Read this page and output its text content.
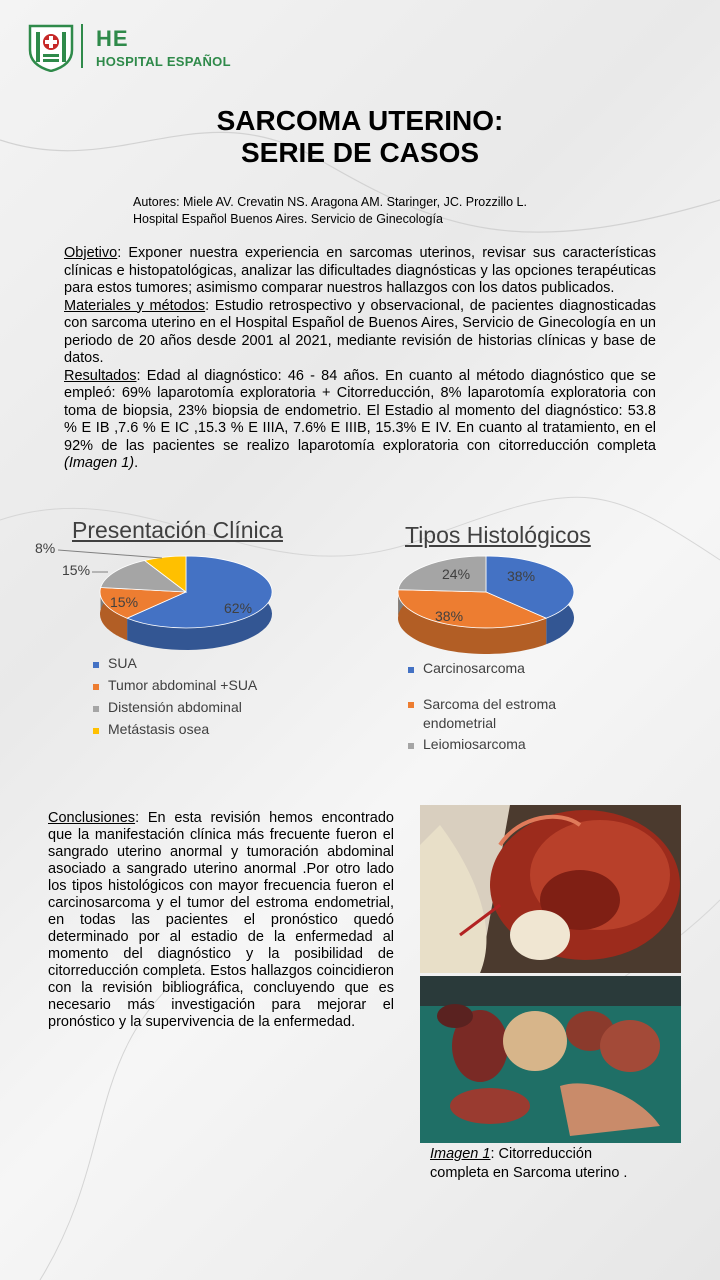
HE
HOSPITAL ESPAÑOL
SARCOMA UTERINO:
SERIE DE CASOS
Autores: Miele AV. Crevatin NS. Aragona AM. Staringer, JC. Prozzillo L.
Hospital Español Buenos Aires. Servicio de Ginecología

Objetivo: Exponer nuestra experiencia en sarcomas uterinos, revisar sus características clínicas e histopatológicas, analizar las dificultades diagnósticas y las opciones terapéuticas para estos tumores; asimismo comparar nuestros hallazgos con los datos publicados.

Materiales y métodos: Estudio retrospectivo y observacional, de pacientes diagnosticadas con sarcoma uterino en el Hospital Español de Buenos Aires, Servicio de Ginecología en un periodo de 20 años desde 2001 al 2021, mediante revisión de historias clínicas y base de datos.

Resultados: Edad al diagnóstico: 46 - 84 años. En cuanto al método diagnóstico que se empleó: 69% laparotomía exploratoria + Citorreducción, 8% laparotomía exploratoria con toma de biopsia, 23% biopsia de endometrio. El Estadio al momento del diagnóstico: 53.8 % E IB ,7.6 % E IC ,15.3 % E IIIA, 7.6% E IIIB, 15.3% E IV. En cuanto al tratamiento, en el 92% de las pacientes se realizo laparotomía exploratoria con citorreducción completa (Imagen 1).

Presentación Clínica
8%
15%
15%	62%
SUA
Tumor abdominal +SUA
Distensión abdominal
Metástasis osea
Tipos Histológicos
38%
38%
24%
Carcinosarcoma
Sarcoma del estroma
endometrial
Leiomiosarcoma
Conclusiones: En esta revisión hemos encontrado que la manifestación clínica más frecuente fueron el sangrado uterino anormal y tumoración abdominal asociado a sangrado uterino anormal .Por otro lado los tipos histológicos con mayor frecuencia fueron el carcinosarcoma y el tumor del estroma endometrial, en todas las pacientes el pronóstico quedó determinado por al estadio de la enfermedad al momento del diagnóstico y la posibilidad de citorreducción completa. Estos hallazgos coincidieron con la revisión bibliográfica, concluyendo que es necesario más investigación para mejorar el pronóstico y la supervivencia de la enfermedad.
Imagen 1: Citorreducción
completa en Sarcoma uterino .
